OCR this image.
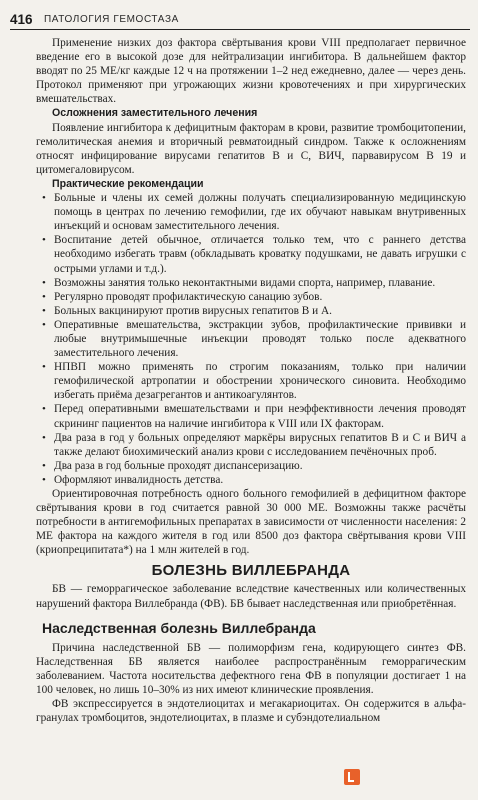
416	ПАТОЛОГИЯ ГЕМОСТАЗА

Применение низких доз фактора свёртывания крови VIII предполагает первичное введение его в высокой дозе для нейтрализации ингибитора. В дальнейшем фактор вводят по 25 МЕ/кг каждые 12 ч на протяжении 1–2 нед ежедневно, далее — через день. Протокол применяют при угрожающих жизни кровотечениях и при хирургических вмешательствах.

Осложнения заместительного лечения

Появление ингибитора к дефицитным факторам в крови, развитие тромбоцитопении, гемолитическая анемия и вторичный ревматоидный синдром. Также к осложнениям относят инфицирование вирусами гепатитов В и С, ВИЧ, парвавирусом В 19 и цитомегаловирусом.

Практические рекомендации
• Больные и члены их семей должны получать специализированную медицинскую помощь в центрах по лечению гемофилии, где их обучают навыкам внутривенных инъекций и основам заместительного лечения.
• Воспитание детей обычное, отличается только тем, что с раннего детства необходимо избегать травм (обкладывать кроватку подушками, не давать игрушки с острыми углами и т.д.).
• Возможны занятия только неконтактными видами спорта, например, плавание.
• Регулярно проводят профилактическую санацию зубов.
• Больных вакцинируют против вирусных гепатитов В и А.
• Оперативные вмешательства, экстракции зубов, профилактические прививки и любые внутримышечные инъекции проводят только после адекватного заместительного лечения.
• НПВП можно применять по строгим показаниям, только при наличии гемофилической артропатии и обострении хронического синовита. Необходимо избегать приёма дезагрегантов и антикоагулянтов.
• Перед оперативными вмешательствами и при неэффективности лечения проводят скрининг пациентов на наличие ингибитора к VIII или IX факторам.
• Два раза в год у больных определяют маркёры вирусных гепатитов В и С и ВИЧ а также делают биохимический анализ крови с исследованием печёночных проб.
• Два раза в год больные проходят диспансеризацию.
• Оформляют инвалидность детства.

Ориентировочная потребность одного больного гемофилией в дефицитном факторе свёртывания крови в год считается равной 30 000 МЕ. Возможны также расчёты потребности в антигемофильных препаратах в зависимости от численности населения: 2 МЕ фактора на каждого жителя в год или 8500 доз фактора свёртывания крови VIII (криопреципитата*) на 1 млн жителей в год.

БОЛЕЗНЬ ВИЛЛЕБРАНДА

БВ — геморрагическое заболевание вследствие качественных или количественных нарушений фактора Виллебранда (ФВ). БВ бывает наследственная или приобретённая.

Наследственная болезнь Виллебранда

Причина наследственной БВ — полиморфизм гена, кодирующего синтез ФВ. Наследственная БВ является наиболее распространённым геморрагическим заболеванием. Частота носительства дефектного гена ФВ в популяции достигает 1 на 100 человек, но лишь 10–30% из них имеют клинические проявления.

ФВ экспрессируется в эндотелиоцитах и мегакариоцитах. Он содержится в альфа-гранулах тромбоцитов, эндотелиоцитах, в плазме и субэндотелиальном
